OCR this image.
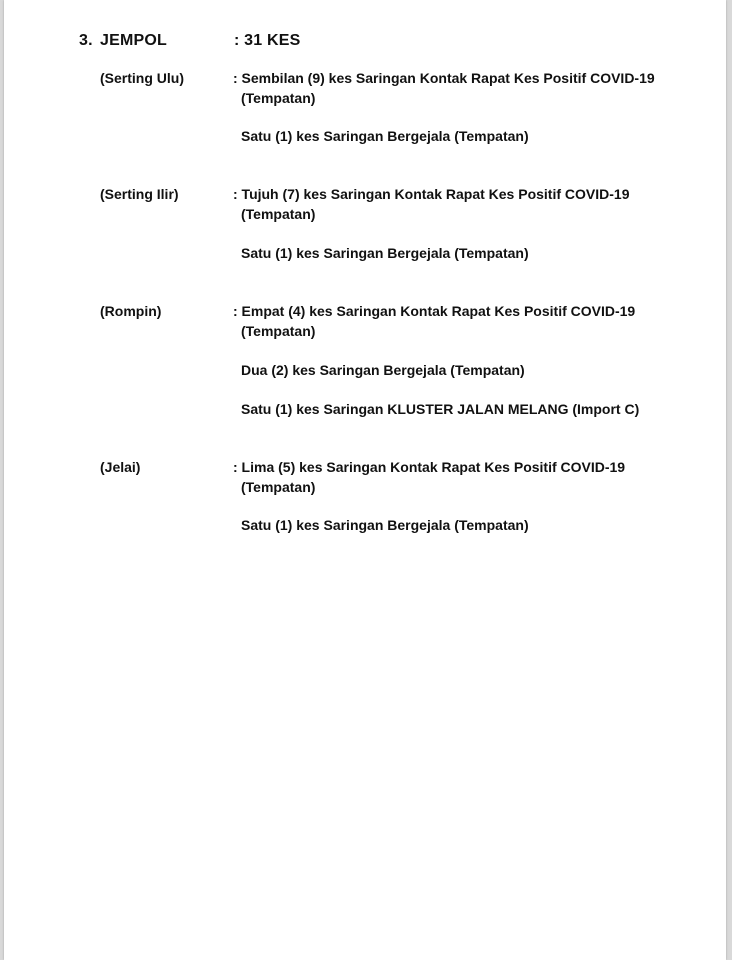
3. JEMPOL	: 31 KES
(Serting Ulu)	: Sembilan (9) kes Saringan Kontak Rapat Kes Positif COVID-19
(Tempatan)
Satu (1) kes Saringan Bergejala (Tempatan)
(Serting Ilir)	: Tujuh (7) kes Saringan Kontak Rapat Kes Positif COVID-19
(Tempatan)
Satu (1) kes Saringan Bergejala (Tempatan)
(Rompin)	: Empat (4) kes Saringan Kontak Rapat Kes Positif COVID-19
(Tempatan)
Dua (2) kes Saringan Bergejala (Tempatan)
Satu (1) kes Saringan KLUSTER JALAN MELANG (Import C)
(Jelai)	: Lima (5) kes Saringan Kontak Rapat Kes Positif COVID-19
(Tempatan)
Satu (1) kes Saringan Bergejala (Tempatan)
